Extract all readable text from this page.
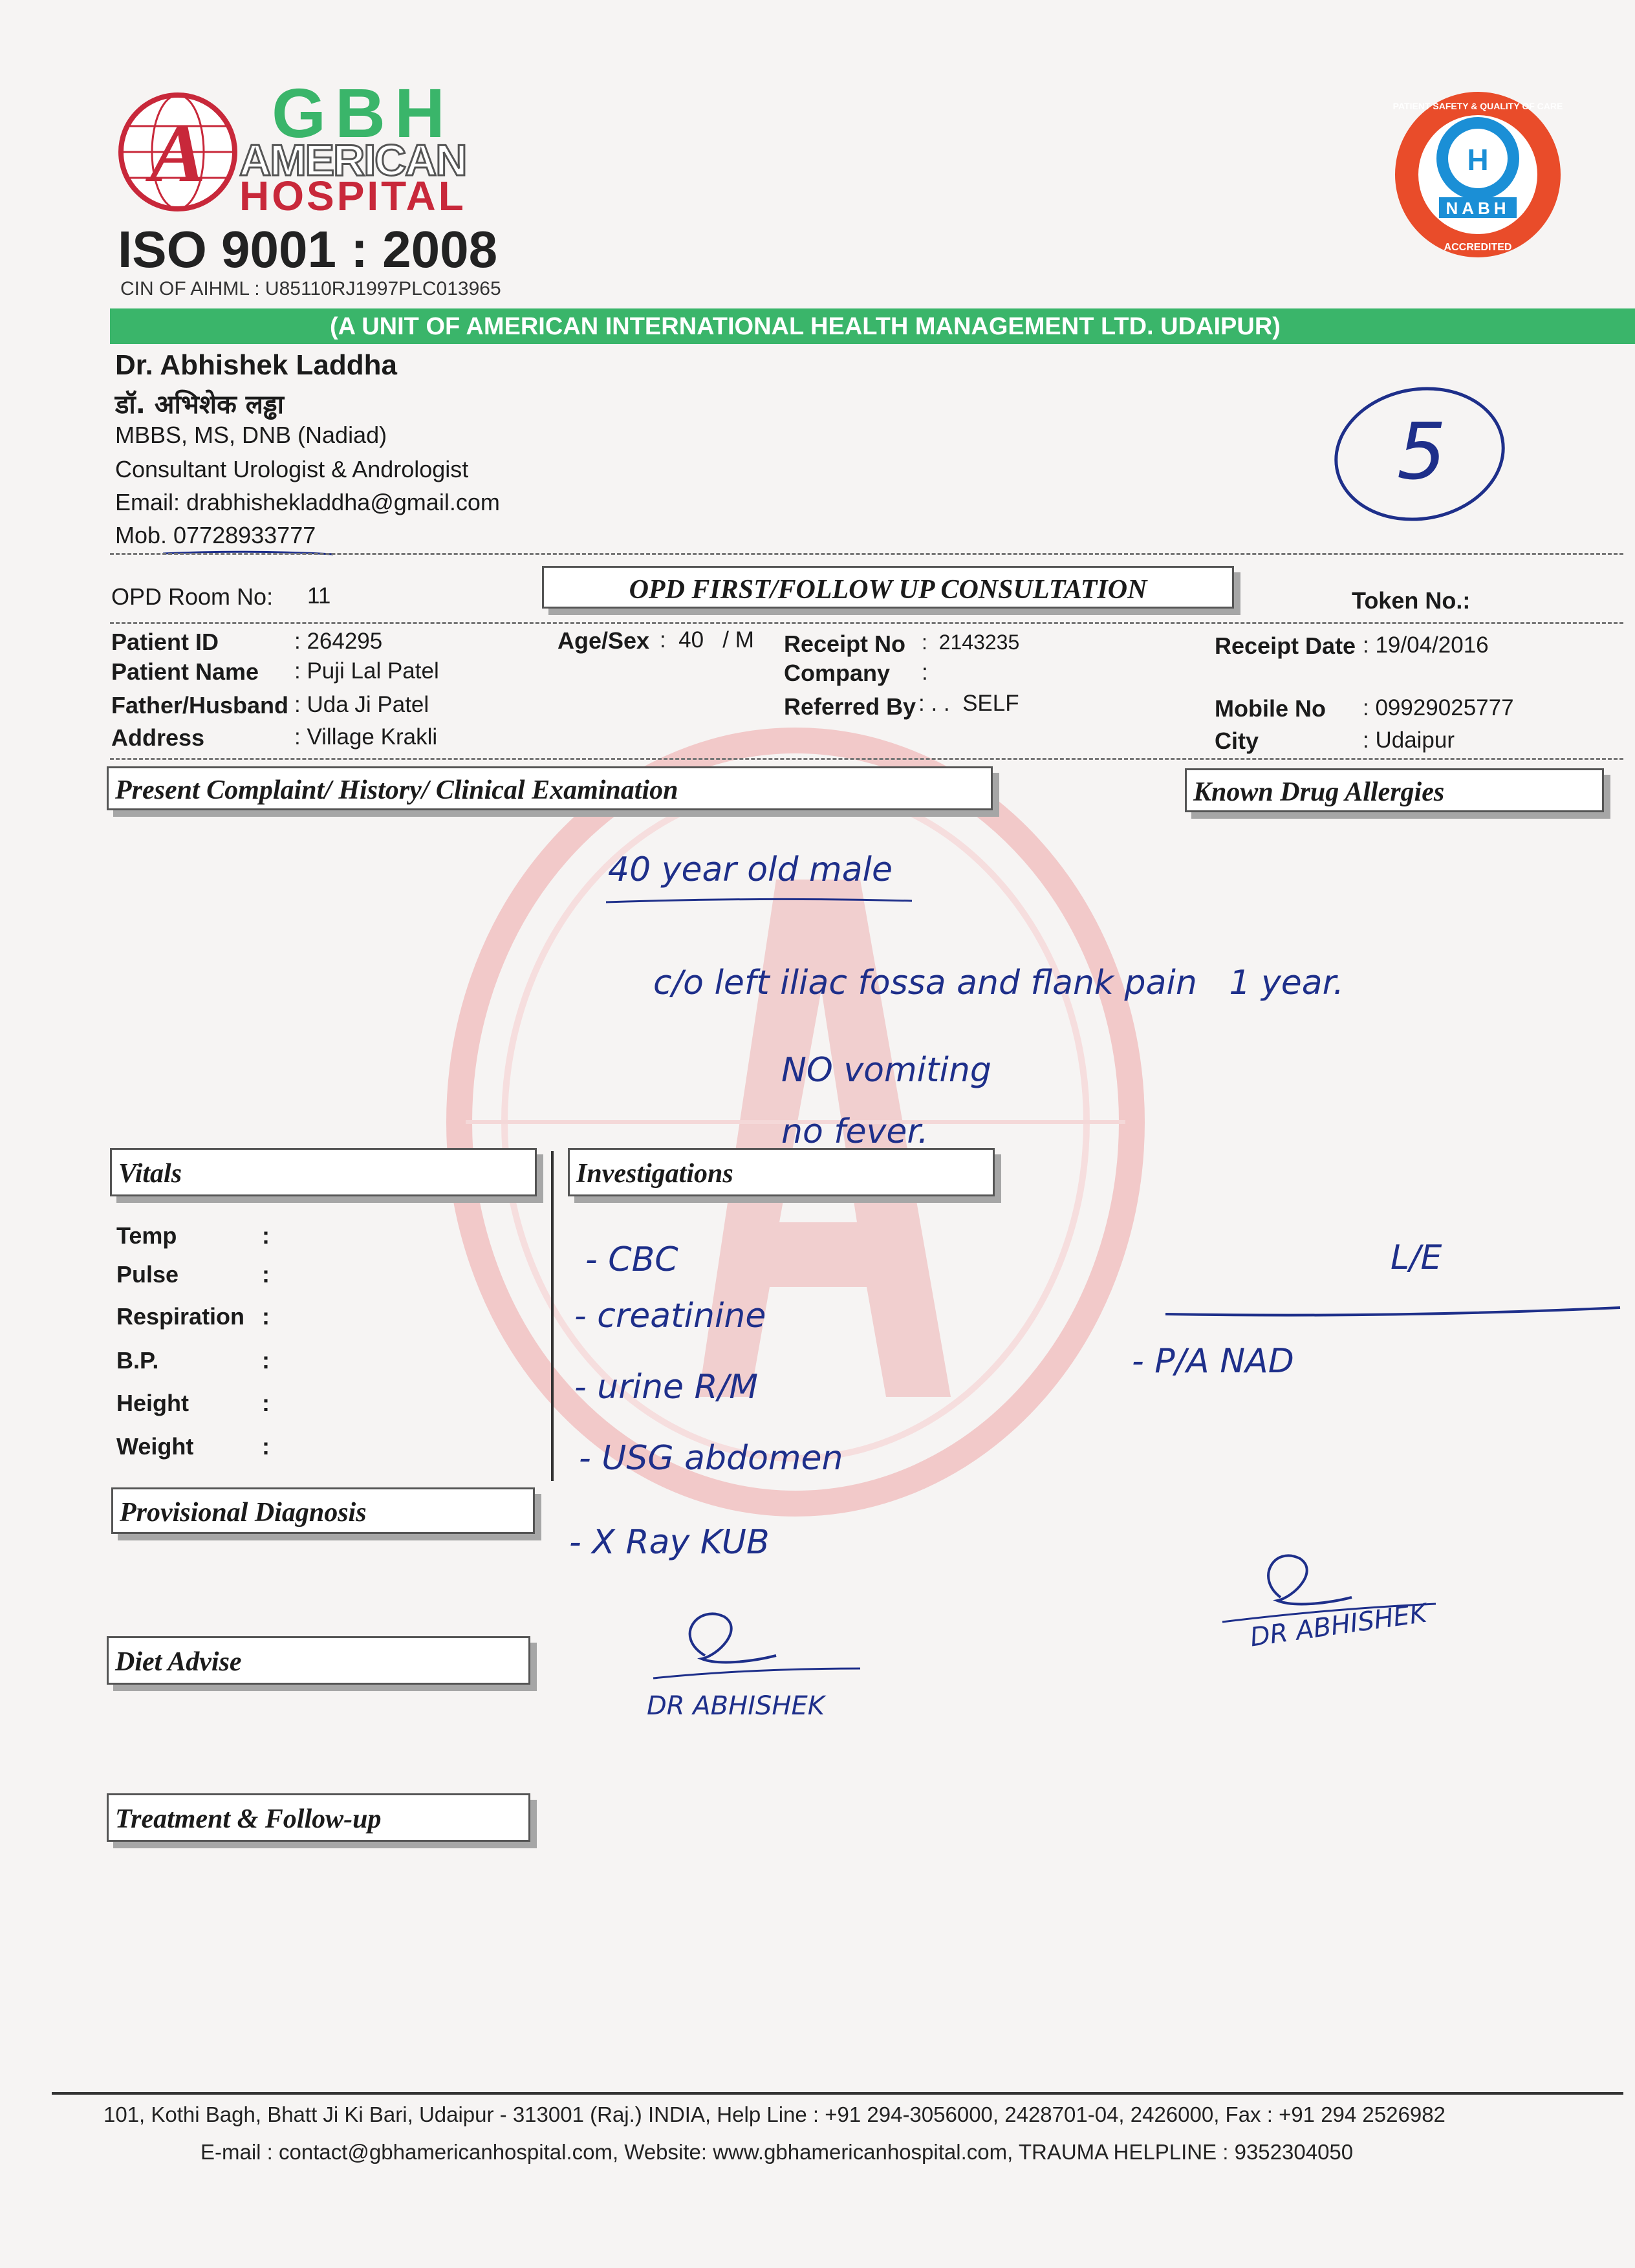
A GBH
AMERICAN
HOSPITAL
ISO 9001 : 2008
CIN OF AIHML : U85110RJ1997PLC013965
H
NABH
PATIENT SAFETY & QUALITY OF CARE
ACCREDITED
(A UNIT OF AMERICAN INTERNATIONAL HEALTH MANAGEMENT LTD. UDAIPUR)
Dr. Abhishek Laddha
डॉ. अभिशेक लड्ढा
MBBS, MS, DNB (Nadiad)
Consultant Urologist & Andrologist
Email: drabhishekladdha@gmail.com
Mob. 07728933777
5
OPD Room No: 11	OPD FIRST/FOLLOW UP CONSULTATION	Token No.:
Patient ID	: 264295
Patient Name : Puji Lal Patel
Father/Husband : Uda Ji Patel
Address	: Village Krakli
Age/Sex :  40   / M Receipt No :  2143235
Company :
Referred By : . .  SELF
Receipt Date : 19/04/2016
Mobile No : 09929025777
City	: Udaipur
Present Complaint/ History/ Clinical Examination	Known Drug Allergies
Vitals	Investigations
Temp	:
Pulse	:
Respiration :
B.P.	:
Height	:
Weight	:
Provisional Diagnosis
Diet Advise
Treatment & Follow-up
40 year old male
c/o left iliac fossa and flank pain   1 year.
NO vomiting
no fever.
- CBC
- creatinine
- urine R/M
- USG abdomen
- X Ray KUB
L/E
- P/A NAD
DR ABHISHEK
DR ABHISHEK
101, Kothi Bagh, Bhatt Ji Ki Bari, Udaipur - 313001 (Raj.) INDIA, Help Line : +91 294-3056000, 2428701-04, 2426000, Fax : +91 294 2526982
E-mail : contact@gbhamericanhospital.com, Website: www.gbhamericanhospital.com, TRAUMA HELPLINE : 9352304050
